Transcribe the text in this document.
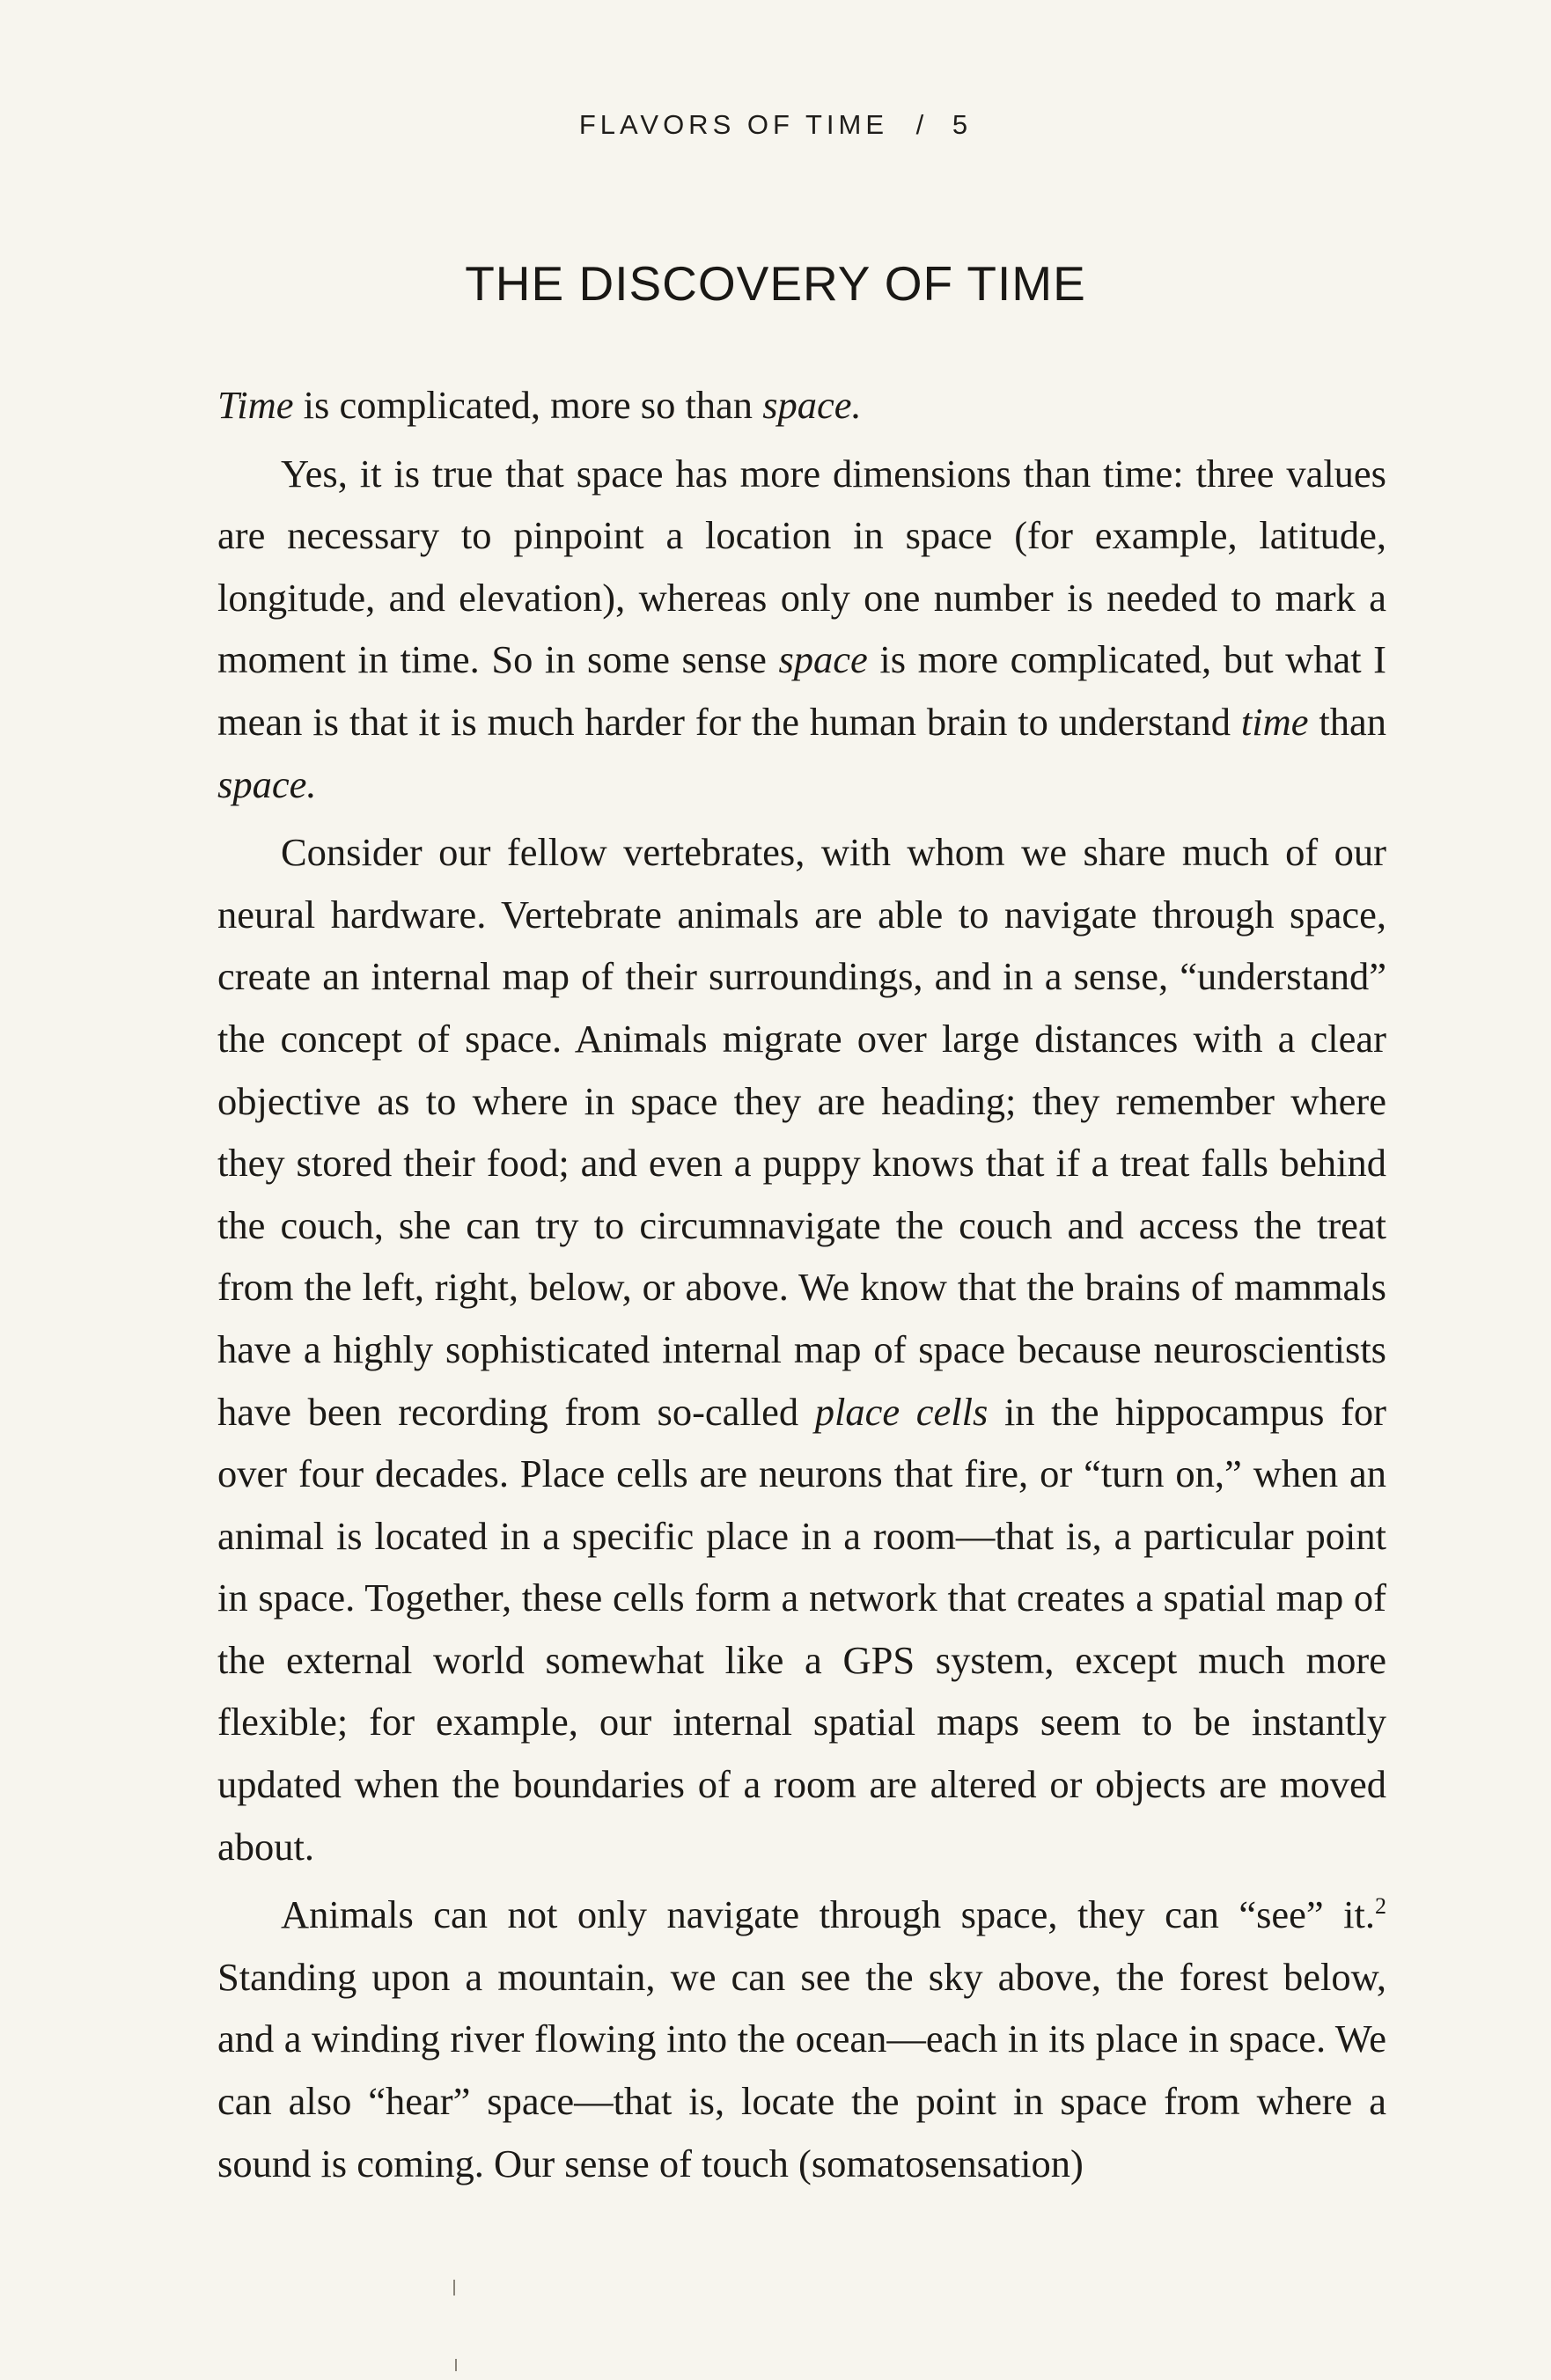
FLAVORS OF TIME / 5
THE DISCOVERY OF TIME

Time is complicated, more so than space.

Yes, it is true that space has more dimensions than time: three values are necessary to pinpoint a location in space (for example, latitude, longitude, and elevation), whereas only one number is needed to mark a moment in time. So in some sense space is more complicated, but what I mean is that it is much harder for the human brain to understand time than space.

Consider our fellow vertebrates, with whom we share much of our neural hardware. Vertebrate animals are able to navigate through space, create an internal map of their surroundings, and in a sense, “understand” the concept of space. Animals migrate over large distances with a clear objective as to where in space they are heading; they remember where they stored their food; and even a puppy knows that if a treat falls behind the couch, she can try to circumnavigate the couch and access the treat from the left, right, below, or above. We know that the brains of mammals have a highly sophisticated internal map of space because neuroscientists have been recording from so-called place cells in the hippocampus for over four decades. Place cells are neurons that fire, or “turn on,” when an animal is located in a specific place in a room—that is, a particular point in space. Together, these cells form a network that creates a spatial map of the external world somewhat like a GPS system, except much more flexible; for example, our internal spatial maps seem to be instantly updated when the boundaries of a room are altered or objects are moved about.

Animals can not only navigate through space, they can “see” it.$^2$ Standing upon a mountain, we can see the sky above, the forest below, and a winding river flowing into the ocean—each in its place in space. We can also “hear” space—that is, locate the point in space from where a sound is coming. Our sense of touch (somatosensation)
